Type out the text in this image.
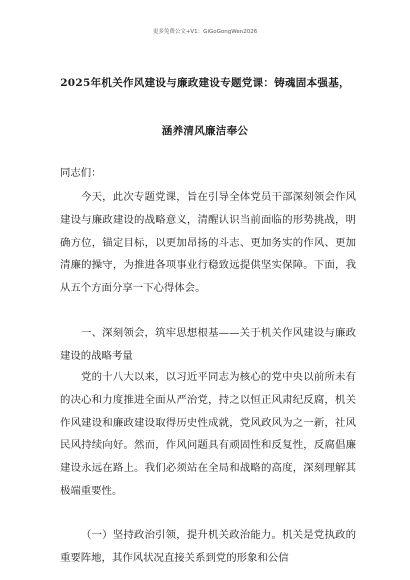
更多免费公文+V1：GiGoGongWen2026
2025年机关作风建设与廉政建设专题党课：铸魂固本强基，
涵养清风廉洁奉公
同志们：
今天，此次专题党课，旨在引导全体党员干部深刻领会作风建设与廉政建设的战略意义，清醒认识当前面临的形势挑战，明确方位，锚定目标，以更加昂扬的斗志、更加务实的作风、更加清廉的操守，为推进各项事业行稳致远提供坚实保障。下面，我从五个方面分享一下心得体会。
一、深刻领会，筑牢思想根基——关于机关作风建设与廉政建设的战略考量
党的十八大以来，以习近平同志为核心的党中央以前所未有的决心和力度推进全面从严治党，持之以恒正风肃纪反腐，机关作风建设和廉政建设取得历史性成就，党风政风为之一新，社风民风持续向好。然而，作风问题具有顽固性和反复性，反腐倡廉建设永远在路上。我们必须站在全局和战略的高度，深刻理解其极端重要性。
（一）坚持政治引领，提升机关政治能力。机关是党执政的重要阵地，其作风状况直接关系到党的形象和公信
